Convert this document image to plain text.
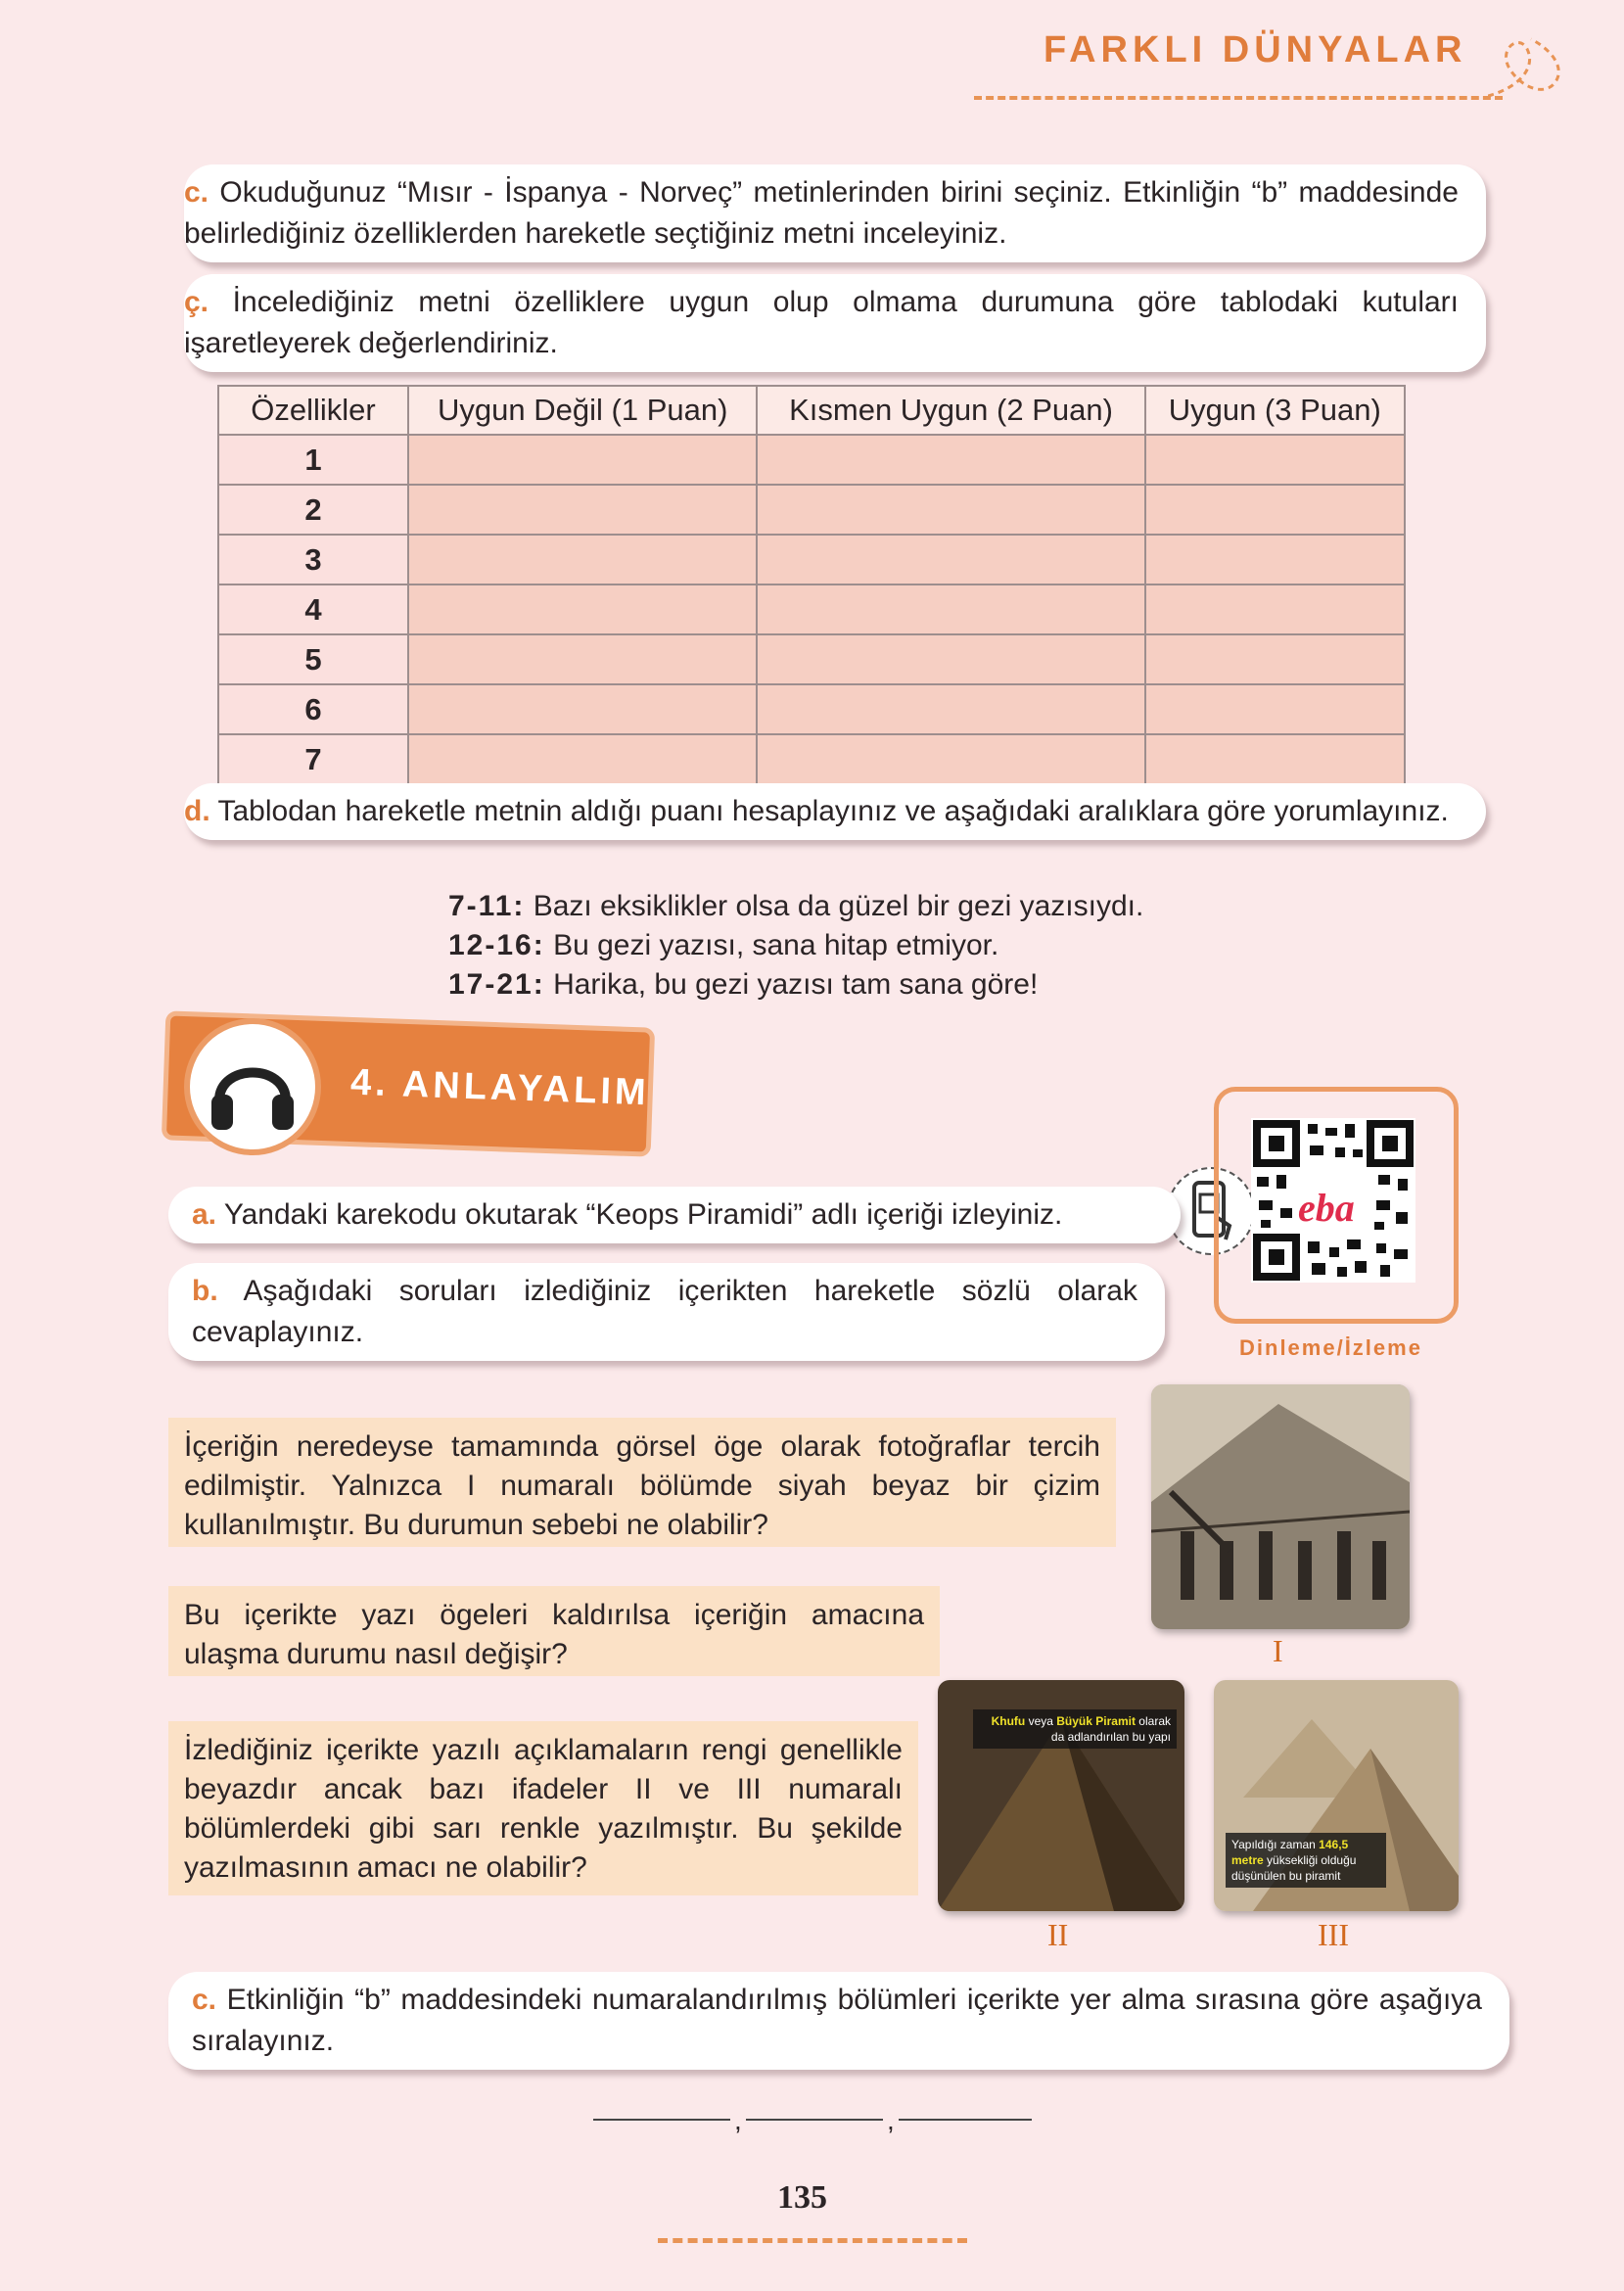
FARKLI DÜNYALAR
c. Okuduğunuz “Mısır - İspanya - Norveç” metinlerinden birini seçiniz. Etkinliğin “b” maddesinde belirlediğiniz özelliklerden hareketle seçtiğiniz metni inceleyiniz.
ç. İncelediğiniz metni özelliklere uygun olup olmama durumuna göre tablodaki kutuları işaretleyerek değerlendiriniz.
Özellikler	Uygun Değil (1 Puan)	Kısmen Uygun (2 Puan)	Uygun (3 Puan)
1			
2			
3			
4			
5			
6			
7			
d. Tablodan hareketle metnin aldığı puanı hesaplayınız ve aşağıdaki aralıklara göre yorumlayınız.
7-11: Bazı eksiklikler olsa da güzel bir gezi yazısıydı.
12-16: Bu gezi yazısı, sana hitap etmiyor.
17-21: Harika, bu gezi yazısı tam sana göre!
4. ANLAYALIM
eba
Dinleme/İzleme
a. Yandaki karekodu okutarak “Keops Piramidi” adlı içeriği izleyiniz.
b. Aşağıdaki soruları izlediğiniz içerikten hareketle sözlü olarak cevaplayınız.
İçeriğin neredeyse tamamında görsel öge olarak fotoğraflar tercih edilmiştir. Yalnızca I numaralı bölümde siyah beyaz bir çizim kullanılmıştır. Bu durumun sebebi ne olabilir?
Bu içerikte yazı ögeleri kaldırılsa içeriğin amacına ulaşma durumu nasıl değişir?
İzlediğiniz içerikte yazılı açıklamaların rengi genellikle beyazdır ancak bazı ifadeler II ve III numaralı bölümlerdeki gibi sarı renkle yazılmıştır. Bu şekilde yazılmasının amacı ne olabilir?
I
Khufu veya Büyük Piramit olarak da adlandırılan bu yapı
II
Yapıldığı zaman 146,5 metre yüksekliği olduğu düşünülen bu piramit
III
c. Etkinliğin “b” maddesindeki numaralandırılmış bölümleri içerikte yer alma sırasına göre aşağıya sıralayınız.
,	,
135
